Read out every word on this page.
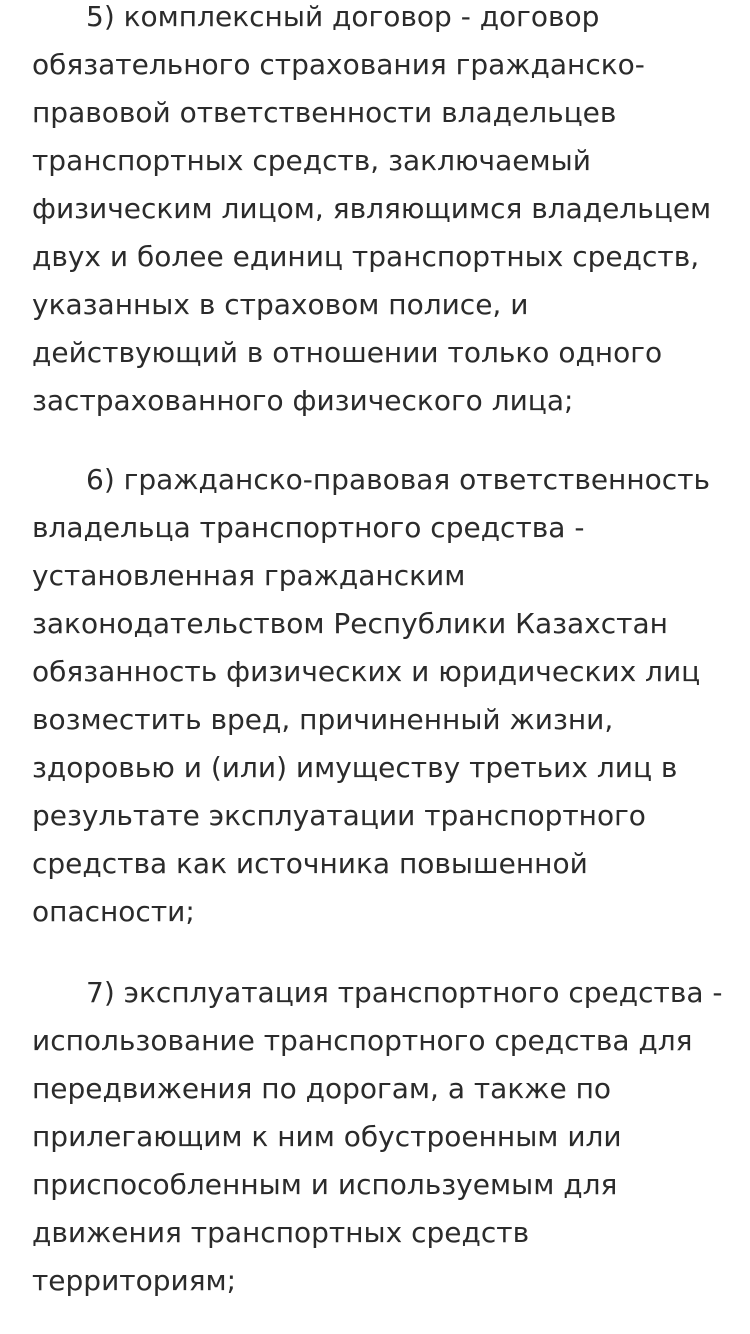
5) комплексный договор - договор
обязательного страхования гражданско-
правовой ответственности владельцев
транспортных средств, заключаемый
физическим лицом, являющимся владельцем
двух и более единиц транспортных средств,
указанных в страховом полисе, и
действующий в отношении только одного
застрахованного физического лица;
6) гражданско-правовая ответственность
владельца транспортного средства -
установленная гражданским
законодательством Республики Казахстан
обязанность физических и юридических лиц
возместить вред, причиненный жизни,
здоровью и (или) имуществу третьих лиц в
результате эксплуатации транспортного
средства как источника повышенной
опасности;
7) эксплуатация транспортного средства -
использование транспортного средства для
передвижения по дорогам, а также по
прилегающим к ним обустроенным или
приспособленным и используемым для
движения транспортных средств
территориям;
